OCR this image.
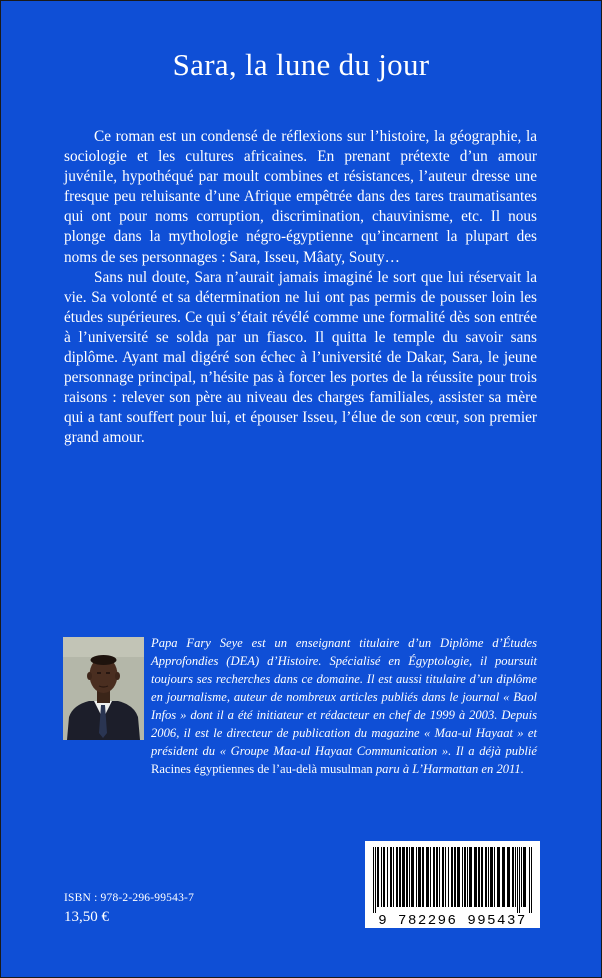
Sara, la lune du jour

Ce roman est un condensé de réflexions sur l’histoire, la géographie, la sociologie et les cultures africaines. En prenant prétexte d’un amour juvénile, hypothéqué par moult combines et résistances, l’auteur dresse une fresque peu reluisante d’une Afrique empêtrée dans des tares traumatisantes qui ont pour noms corruption, discrimination, chauvinisme, etc. Il nous plonge dans la mythologie négro-égyptienne qu’incarnent la plupart des noms de ses personnages : Sara, Isseu, Mâaty, Souty…

Sans nul doute, Sara n’aurait jamais imaginé le sort que lui réservait la vie. Sa volonté et sa détermination ne lui ont pas permis de pousser loin les études supérieures. Ce qui s’était révélé comme une formalité dès son entrée à l’université se solda par un fiasco. Il quitta le temple du savoir sans diplôme. Ayant mal digéré son échec à l’université de Dakar, Sara, le jeune personnage principal, n’hésite pas à forcer les portes de la réussite pour trois raisons : relever son père au niveau des charges familiales, assister sa mère qui a tant souffert pour lui, et épouser Isseu, l’élue de son cœur, son premier grand amour.

Papa Fary Seye est un enseignant titulaire d’un Diplôme d’Études Approfondies (DEA) d’Histoire. Spécialisé en Égyptologie, il poursuit toujours ses recherches dans ce domaine. Il est aussi titulaire d’un diplôme en journalisme, auteur de nombreux articles publiés dans le journal « Baol Infos » dont il a été initiateur et rédacteur en chef de 1999 à 2003. Depuis 2006, il est le directeur de publication du magazine « Maa-ul Hayaat » et président du « Groupe Maa-ul Hayaat Communication ». Il a déjà publié Racines égyptiennes de l’au-delà musulman paru à L’Harmattan en 2011.
9 782296 995437
ISBN : 978-2-296-99543-7
13,50 €
